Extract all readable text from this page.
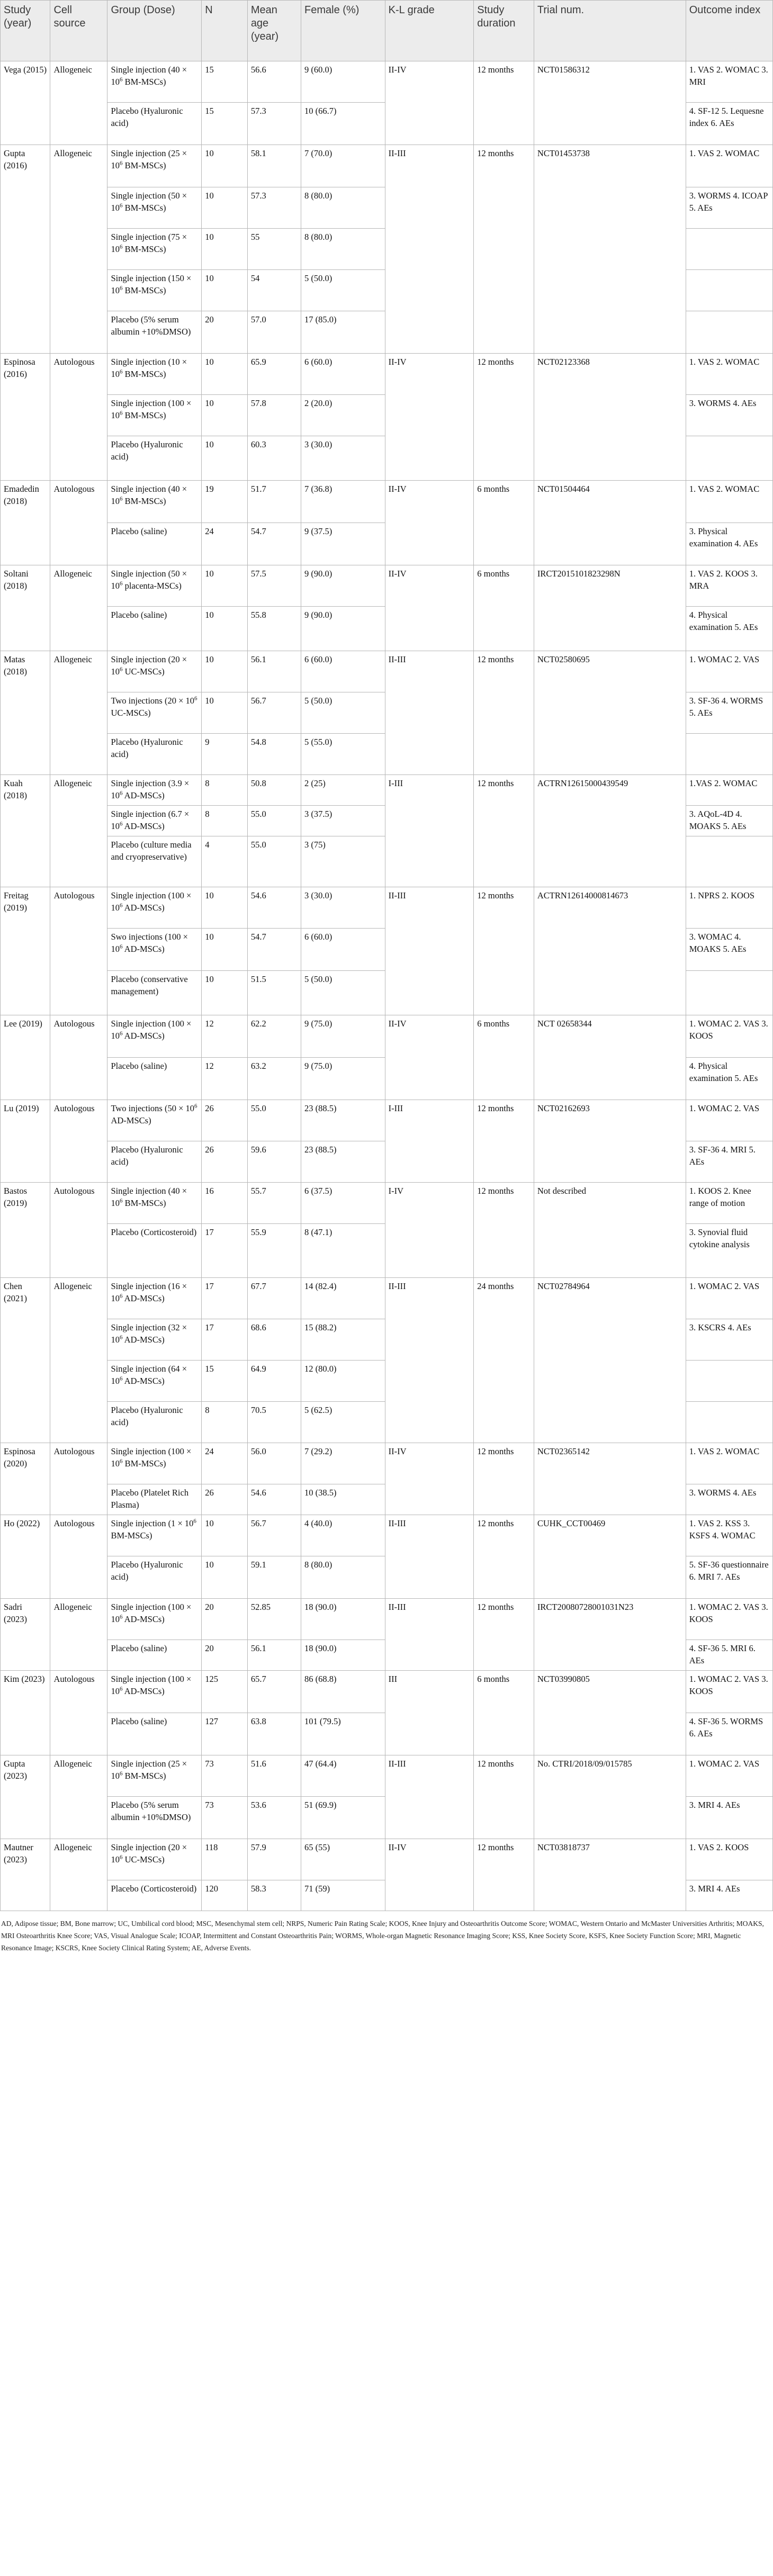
Study (year)	Cell source	Group (Dose)	N	Mean age (year)	Female (%)	K-L grade	Study duration	Trial num.	Outcome index
Vega (2015)	Allogeneic	Single injection ($40 \times 10^6$ BM-MSCs)	15	56.6	9 (60.0)	II-IV	12 months	NCT01586312	1. VAS 2. WOMAC 3. MRI
		Placebo (Hyaluronic acid)	15	57.3	10 (66.7)				4. SF-12 5. Lequesne index 6. AEs
Gupta (2016)	Allogeneic	Single injection ($25 \times 10^6$ BM-MSCs)	10	58.1	7 (70.0)	II-III	12 months	NCT01453738	1. VAS 2. WOMAC
		Single injection ($50 \times 10^6$ BM-MSCs)	10	57.3	8 (80.0)				3. WORMS 4. ICOAP 5. AEs
		Single injection ($75 \times 10^6$ BM-MSCs)	10	55	8 (80.0)				
		Single injection ($150 \times 10^6$ BM-MSCs)	10	54	5 (50.0)				
		Placebo (5% serum albumin +10%DMSO)	20	57.0	17 (85.0)				
Espinosa (2016)	Autologous	Single injection ($10 \times 10^6$ BM-MSCs)	10	65.9	6 (60.0)	II-IV	12 months	NCT02123368	1. VAS 2. WOMAC
		Single injection ($100 \times 10^6$ BM-MSCs)	10	57.8	2 (20.0)				3. WORMS 4. AEs
		Placebo (Hyaluronic acid)	10	60.3	3 (30.0)				
Emadedin (2018)	Autologous	Single injection ($40 \times 10^6$ BM-MSCs)	19	51.7	7 (36.8)	II-IV	6 months	NCT01504464	1. VAS 2. WOMAC
		Placebo (saline)	24	54.7	9 (37.5)				3. Physical examination 4. AEs
Soltani (2018)	Allogeneic	Single injection ($50 \times 10^6$ placenta-MSCs)	10	57.5	9 (90.0)	II-IV	6 months	IRCT2015101823298N	1. VAS 2. KOOS 3. MRA
		Placebo (saline)	10	55.8	9 (90.0)				4. Physical examination 5. AEs
Matas (2018)	Allogeneic	Single injection ($20 \times 10^6$ UC-MSCs)	10	56.1	6 (60.0)	II-III	12 months	NCT02580695	1. WOMAC 2. VAS
		Two injections ($20 \times 10^6$ UC-MSCs)	10	56.7	5 (50.0)				3. SF-36 4. WORMS 5. AEs
		Placebo (Hyaluronic acid)	9	54.8	5 (55.0)				
Kuah (2018)	Allogeneic	Single injection ($3.9 \times 10^6$ AD-MSCs)	8	50.8	2 (25)	I-III	12 months	ACTRN12615000439549	1.VAS 2. WOMAC
		Single injection ($6.7 \times 10^6$ AD-MSCs)	8	55.0	3 (37.5)				3. AQoL-4D 4. MOAKS 5. AEs
		Placebo (culture media and cryopreservative)	4	55.0	3 (75)				
Freitag (2019)	Autologous	Single injection ($100 \times 10^6$ AD-MSCs)	10	54.6	3 (30.0)	II-III	12 months	ACTRN12614000814673	1. NPRS 2. KOOS
		Swo injections ($100 \times 10^6$ AD-MSCs)	10	54.7	6 (60.0)				3. WOMAC 4. MOAKS 5. AEs
		Placebo (conservative management)	10	51.5	5 (50.0)				
Lee (2019)	Autologous	Single injection ($100 \times 10^6$ AD-MSCs)	12	62.2	9 (75.0)	II-IV	6 months	NCT 02658344	1. WOMAC 2. VAS 3. KOOS
		Placebo (saline)	12	63.2	9 (75.0)				4. Physical examination 5. AEs
Lu (2019)	Autologous	Two injections ($50 \times 10^6$ AD-MSCs)	26	55.0	23 (88.5)	I-III	12 months	NCT02162693	1. WOMAC 2. VAS
		Placebo (Hyaluronic acid)	26	59.6	23 (88.5)				3. SF-36 4. MRI 5. AEs
Bastos (2019)	Autologous	Single injection ($40 \times 10^6$ BM-MSCs)	16	55.7	6 (37.5)	I-IV	12 months	Not described	1. KOOS 2. Knee range of motion
		Placebo (Corticosteroid)	17	55.9	8 (47.1)				3. Synovial fluid cytokine analysis
Chen (2021)	Allogeneic	Single injection ($16 \times 10^6$ AD-MSCs)	17	67.7	14 (82.4)	II-III	24 months	NCT02784964	1. WOMAC 2. VAS
		Single injection ($32 \times 10^6$ AD-MSCs)	17	68.6	15 (88.2)				3. KSCRS 4. AEs
		Single injection ($64 \times 10^6$ AD-MSCs)	15	64.9	12 (80.0)				
		Placebo (Hyaluronic acid)	8	70.5	5 (62.5)				
Espinosa (2020)	Autologous	Single injection ($100 \times 10^6$ BM-MSCs)	24	56.0	7 (29.2)	II-IV	12 months	NCT02365142	1. VAS 2. WOMAC
		Placebo (Platelet Rich Plasma)	26	54.6	10 (38.5)				3. WORMS 4. AEs
Ho (2022)	Autologous	Single injection ($1 \times 10^6$ BM-MSCs)	10	56.7	4 (40.0)	II-III	12 months	CUHK_CCT00469	1. VAS 2. KSS 3. KSFS 4. WOMAC
		Placebo (Hyaluronic acid)	10	59.1	8 (80.0)				5. SF-36 questionnaire 6. MRI 7. AEs
Sadri (2023)	Allogeneic	Single injection ($100 \times 10^6$ AD-MSCs)	20	52.85	18 (90.0)	II-III	12 months	IRCT20080728001031N23	1. WOMAC 2. VAS 3. KOOS
		Placebo (saline)	20	56.1	18 (90.0)				4. SF-36 5. MRI 6. AEs
Kim (2023)	Autologous	Single injection ($100 \times 10^6$ AD-MSCs)	125	65.7	86 (68.8)	III	6 months	NCT03990805	1. WOMAC 2. VAS 3. KOOS
		Placebo (saline)	127	63.8	101 (79.5)				4. SF-36 5. WORMS 6. AEs
Gupta (2023)	Allogeneic	Single injection ($25 \times 10^6$ BM-MSCs)	73	51.6	47 (64.4)	II-III	12 months	No. CTRI/2018/09/015785	1. WOMAC 2. VAS
		Placebo (5% serum albumin +10%DMSO)	73	53.6	51 (69.9)				3. MRI 4. AEs
Mautner (2023)	Allogeneic	Single injection ($20 \times 10^6$ UC-MSCs)	118	57.9	65 (55)	II-IV	12 months	NCT03818737	1. VAS 2. KOOS
		Placebo (Corticosteroid)	120	58.3	71 (59)				3. MRI 4. AEs
AD, Adipose tissue; BM, Bone marrow; UC, Umbilical cord blood; MSC, Mesenchymal stem cell; NRPS, Numeric Pain Rating Scale; KOOS, Knee Injury and Osteoarthritis Outcome Score; WOMAC, Western Ontario and McMaster Universities Arthritis; MOAKS, MRI Osteoarthritis Knee Score; VAS, Visual Analogue Scale; ICOAP, Intermittent and Constant Osteoarthritis Pain; WORMS, Whole-organ Magnetic Resonance Imaging Score; KSS, Knee Society Score, KSFS, Knee Society Function Score; MRI, Magnetic Resonance Image; KSCRS, Knee Society Clinical Rating System; AE, Adverse Events.
